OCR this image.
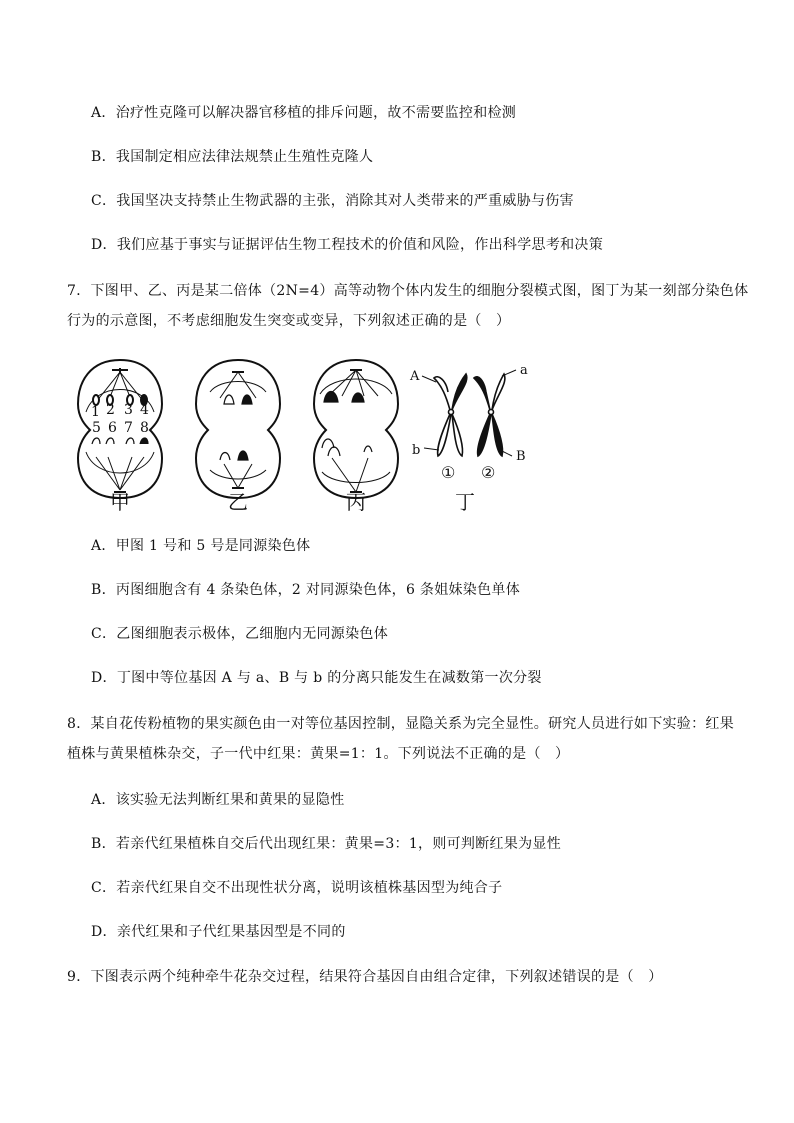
A．治疗性克隆可以解决器官移植的排斥问题，故不需要监控和检测
B．我国制定相应法律法规禁止生殖性克隆人
C．我国坚决支持禁止生物武器的主张，消除其对人类带来的严重威胁与伤害
D．我们应基于事实与证据评估生物工程技术的价值和风险，作出科学思考和决策
7．下图甲、乙、丙是某二倍体（2N=4）高等动物个体内发生的细胞分裂模式图，图丁为某一刻部分染色体
行为的示意图，不考虑细胞发生突变或变异，下列叙述正确的是（　）
1 2 3 4
5 6 7 8
A
b
a
B
① ②
甲	乙	丙	丁
A．甲图 1 号和 5 号是同源染色体
B．丙图细胞含有 4 条染色体，2 对同源染色体，6 条姐妹染色单体
C．乙图细胞表示极体，乙细胞内无同源染色体
D．丁图中等位基因 A 与 a、B 与 b 的分离只能发生在减数第一次分裂
8．某自花传粉植物的果实颜色由一对等位基因控制，显隐关系为完全显性。研究人员进行如下实验：红果
植株与黄果植株杂交，子一代中红果：黄果=1：1。下列说法不正确的是（　）
A．该实验无法判断红果和黄果的显隐性
B．若亲代红果植株自交后代出现红果：黄果=3：1，则可判断红果为显性
C．若亲代红果自交不出现性状分离，说明该植株基因型为纯合子
D．亲代红果和子代红果基因型是不同的
9．下图表示两个纯种牵牛花杂交过程，结果符合基因自由组合定律，下列叙述错误的是（　）
